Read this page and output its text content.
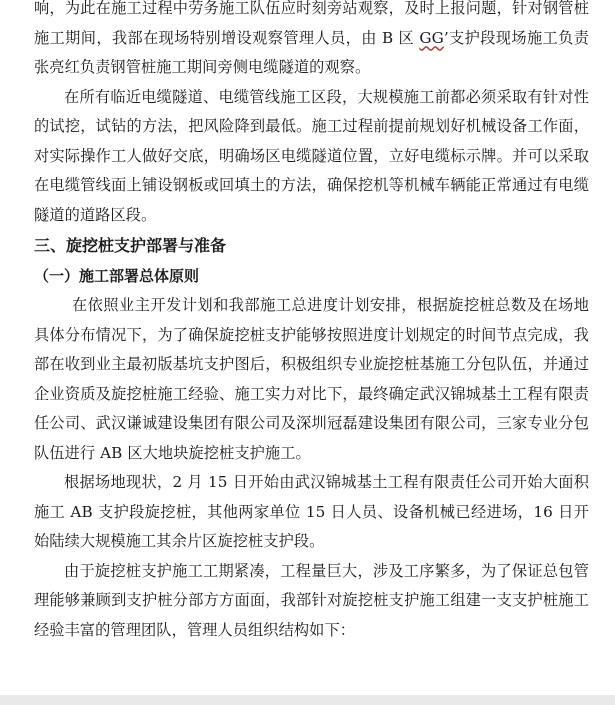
响，为此在施工过程中劳务施工队伍应时刻旁站观察，及时上报问题，针对钢管桩施工期间，我部在现场特别增设观察管理人员，由 B 区 GG’支护段现场施工负责张亮红负责钢管桩施工期间旁侧电缆隧道的观察。

在所有临近电缆隧道、电缆管线施工区段，大规模施工前都必须采取有针对性的试挖，试钻的方法，把风险降到最低。施工过程前提前规划好机械设备工作面，对实际操作工人做好交底，明确场区电缆隧道位置，立好电缆标示牌。并可以采取在电缆管线面上铺设钢板或回填土的方法，确保挖机等机械车辆能正常通过有电缆隧道的道路区段。

三、旋挖桩支护部署与准备
（一）施工部署总体原则

在依照业主开发计划和我部施工总进度计划安排，根据旋挖桩总数及在场地具体分布情况下，为了确保旋挖桩支护能够按照进度计划规定的时间节点完成，我部在收到业主最初版基坑支护图后，积极组织专业旋挖桩基施工分包队伍，并通过企业资质及旋挖桩施工经验、施工实力对比下，最终确定武汉锦城基土工程有限责任公司、武汉谦诚建设集团有限公司及深圳冠磊建设集团有限公司，三家专业分包队伍进行 AB 区大地块旋挖桩支护施工。

根据场地现状，2 月 15 日开始由武汉锦城基土工程有限责任公司开始大面积施工 AB 支护段旋挖桩，其他两家单位 15 日人员、设备机械已经进场，16 日开始陆续大规模施工其余片区旋挖桩支护段。

由于旋挖桩支护施工工期紧凑，工程量巨大，涉及工序繁多，为了保证总包管理能够兼顾到支护桩分部方方面面，我部针对旋挖桩支护施工组建一支支护桩施工经验丰富的管理团队，管理人员组织结构如下：
